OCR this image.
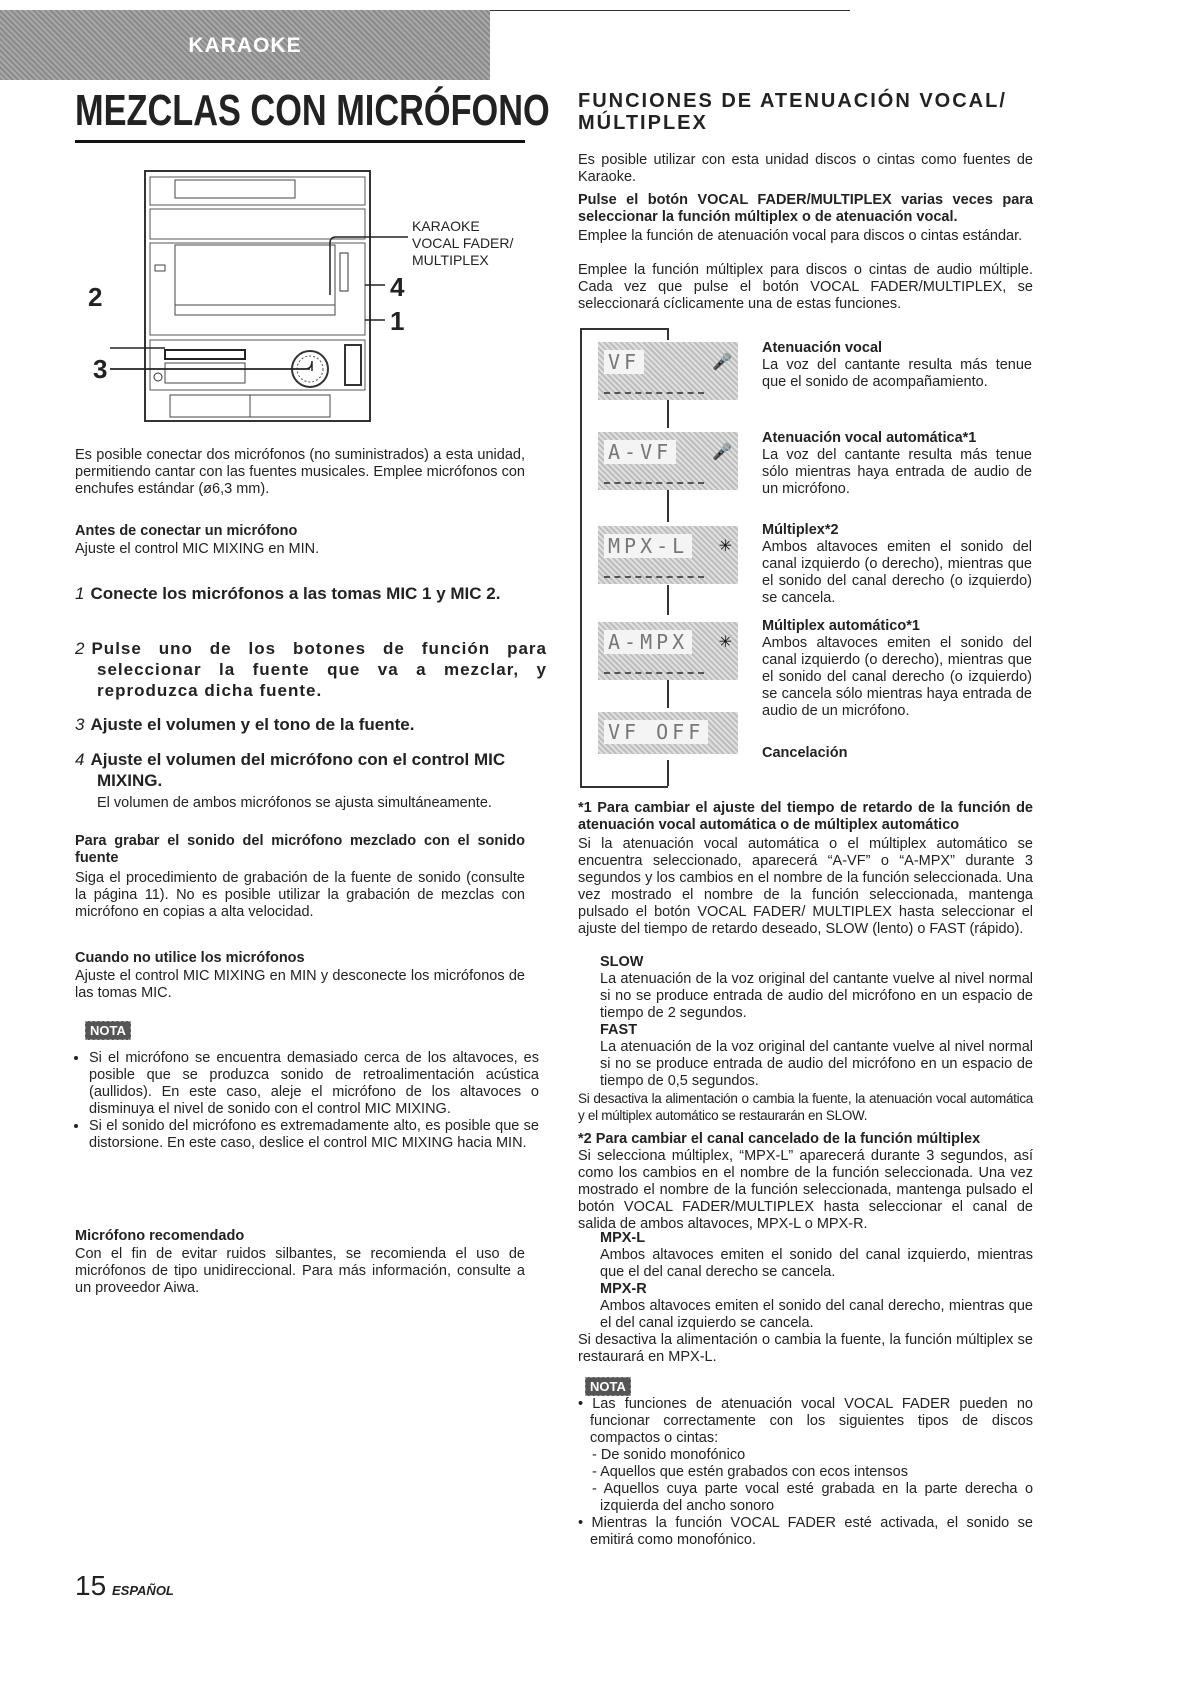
KARAOKE
MEZCLAS CON MICRÓFONO
2
3
4
1
KARAOKE
VOCAL FADER/
MULTIPLEX
Es posible conectar dos micrófonos (no suministrados) a esta unidad, permitiendo cantar con las fuentes musicales. Emplee micrófonos con enchufes estándar (ø6,3 mm).
Antes de conectar un micrófono
Ajuste el control MIC MIXING en MIN.
1 Conecte los micrófonos a las tomas MIC 1 y MIC 2.
2 Pulse uno de los botones de función para seleccionar la fuente que va a mezclar, y reproduzca dicha fuente.
3 Ajuste el volumen y el tono de la fuente.
4 Ajuste el volumen del micrófono con el control MIC MIXING.
El volumen de ambos micrófonos se ajusta simultáneamente.
Para grabar el sonido del micrófono mezclado con el sonido fuente
Siga el procedimiento de grabación de la fuente de sonido (consulte la página 11). No es posible utilizar la grabación de mezclas con micrófono en copias a alta velocidad.
Cuando no utilice los micrófonos
Ajuste el control MIC MIXING en MIN y desconecte los micrófonos de las tomas MIC.
NOTA
• Si el micrófono se encuentra demasiado cerca de los altavoces, es posible que se produzca sonido de retroalimentación acústica (aullidos). En este caso, aleje el micrófono de los altavoces o disminuya el nivel de sonido con el control MIC MIXING.
• Si el sonido del micrófono es extremadamente alto, es posible que se distorsione. En este caso, deslice el control MIC MIXING hacia MIN.
Micrófono recomendado
Con el fin de evitar ruidos silbantes, se recomienda el uso de micrófonos de tipo unidireccional. Para más información, consulte a un proveedor Aiwa.
15 ESPAÑOL
FUNCIONES DE ATENUACIÓN VOCAL/ MÚLTIPLEX
Es posible utilizar con esta unidad discos o cintas como fuentes de Karaoke.
Pulse el botón VOCAL FADER/MULTIPLEX varias veces para seleccionar la función múltiplex o de atenuación vocal.
Emplee la función de atenuación vocal para discos o cintas estándar.
Emplee la función múltiplex para discos o cintas de audio múltiple. Cada vez que pulse el botón VOCAL FADER/MULTIPLEX, se seleccionará cíclicamente una de estas funciones.
VF	🎤
A-VF 🎤
MPX-L ✳
A-MPX ✳
VF OFF
Atenuación vocal
La voz del cantante resulta más tenue que el sonido de acompañamiento.
Atenuación vocal automática*1
La voz del cantante resulta más tenue sólo mientras haya entrada de audio de un micrófono.
Múltiplex*2
Ambos altavoces emiten el sonido del canal izquierdo (o derecho), mientras que el sonido del canal derecho (o izquierdo) se cancela.
Múltiplex automático*1
Ambos altavoces emiten el sonido del canal izquierdo (o derecho), mientras que el sonido del canal derecho (o izquierdo) se cancela sólo mientras haya entrada de audio de un micrófono.
Cancelación
*1 Para cambiar el ajuste del tiempo de retardo de la función de atenuación vocal automática o de múltiplex automático
Si la atenuación vocal automática o el múltiplex automático se encuentra seleccionado, aparecerá “A-VF” o “A-MPX” durante 3 segundos y los cambios en el nombre de la función seleccionada. Una vez mostrado el nombre de la función seleccionada, mantenga pulsado el botón VOCAL FADER/ MULTIPLEX hasta seleccionar el ajuste del tiempo de retardo deseado, SLOW (lento) o FAST (rápido).
SLOW
La atenuación de la voz original del cantante vuelve al nivel normal si no se produce entrada de audio del micrófono en un espacio de tiempo de 2 segundos.
FAST
La atenuación de la voz original del cantante vuelve al nivel normal si no se produce entrada de audio del micrófono en un espacio de tiempo de 0,5 segundos.
Si desactiva la alimentación o cambia la fuente, la atenuación vocal automática y el múltiplex automático se restaurarán en SLOW.
*2 Para cambiar el canal cancelado de la función múltiplex
Si selecciona múltiplex, “MPX-L” aparecerá durante 3 segundos, así como los cambios en el nombre de la función seleccionada. Una vez mostrado el nombre de la función seleccionada, mantenga pulsado el botón VOCAL FADER/MULTIPLEX hasta seleccionar el canal de salida de ambos altavoces, MPX-L o MPX-R.
MPX-L
Ambos altavoces emiten el sonido del canal izquierdo, mientras que el del canal derecho se cancela.
MPX-R
Ambos altavoces emiten el sonido del canal derecho, mientras que el del canal izquierdo se cancela.
Si desactiva la alimentación o cambia la fuente, la función múltiplex se restaurará en MPX-L.
NOTA
• Las funciones de atenuación vocal VOCAL FADER pueden no funcionar correctamente con los siguientes tipos de discos compactos o cintas:
- De sonido monofónico
- Aquellos que estén grabados con ecos intensos
- Aquellos cuya parte vocal esté grabada en la parte derecha o izquierda del ancho sonoro
• Mientras la función VOCAL FADER esté activada, el sonido se emitirá como monofónico.
